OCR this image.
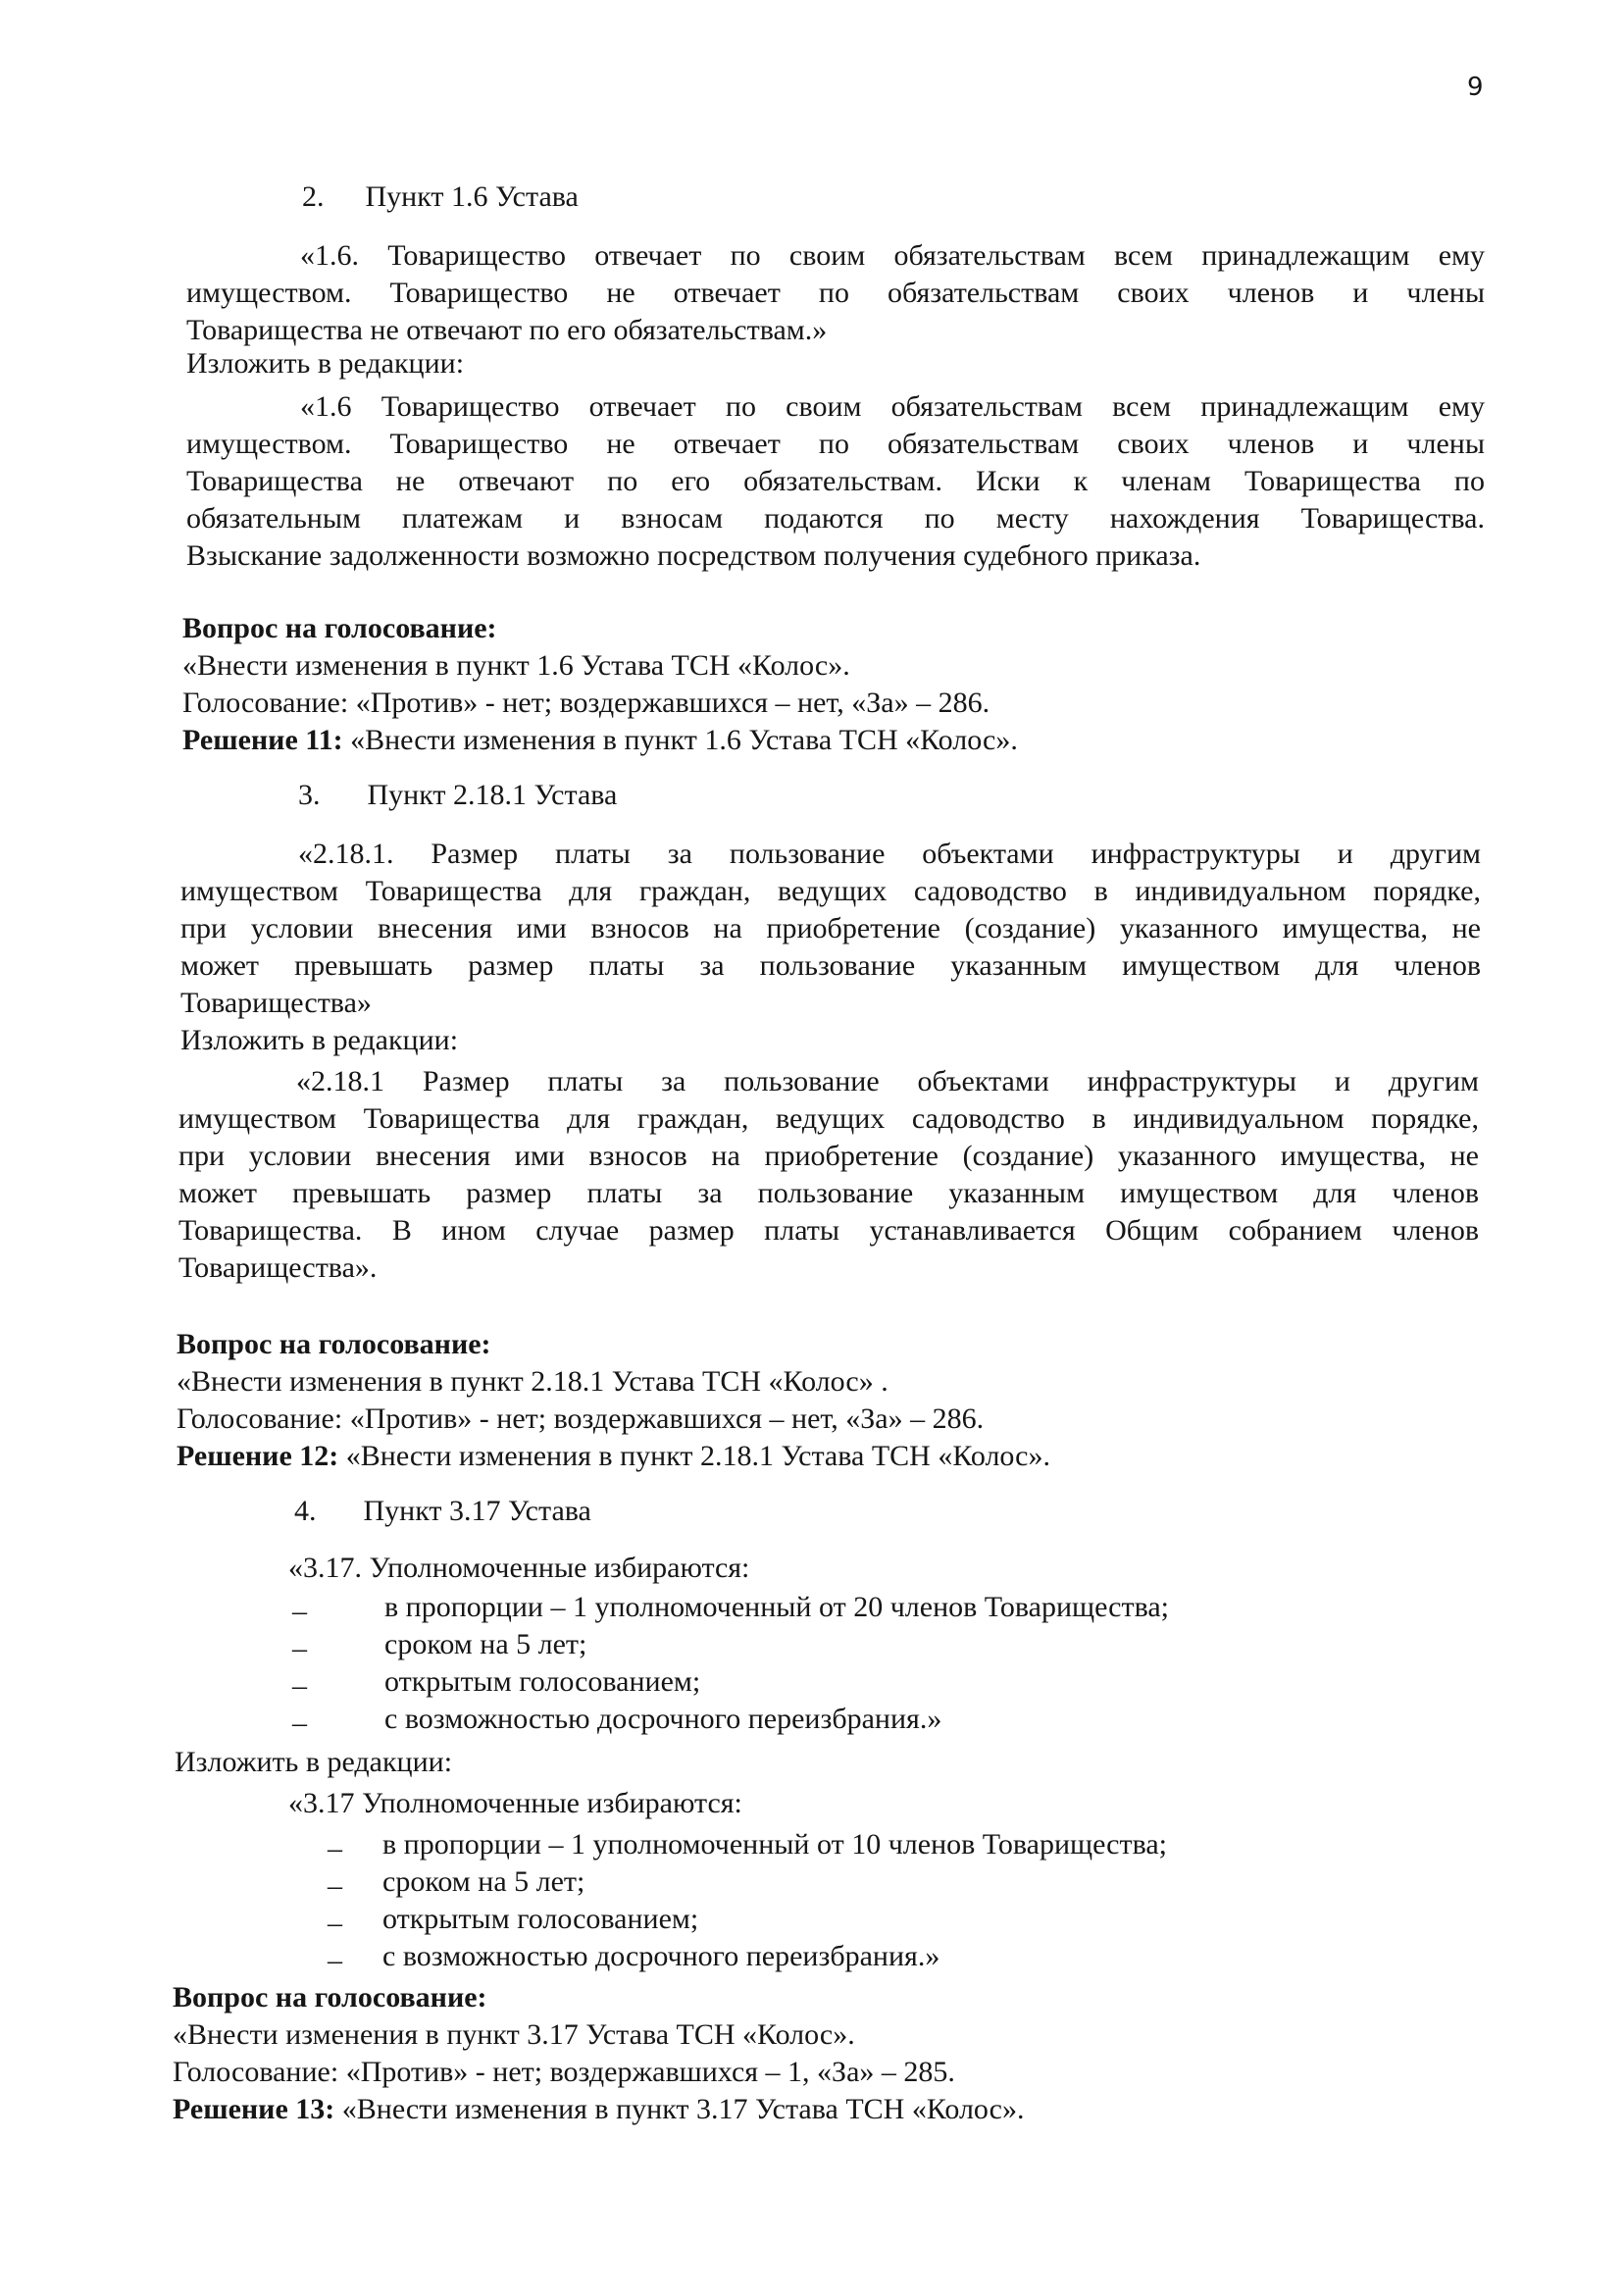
9
2. Пункт 1.6 Устава
«1.6. Товарищество отвечает по своим обязательствам всем принадлежащим ему
имуществом. Товарищество не отвечает по обязательствам своих членов и члены
Товарищества не отвечают по его обязательствам.»
Изложить в редакции:
«1.6 Товарищество отвечает по своим обязательствам всем принадлежащим ему
имуществом. Товарищество не отвечает по обязательствам своих членов и члены
Товарищества не отвечают по его обязательствам. Иски к членам Товарищества по
обязательным платежам и взносам подаются по месту нахождения Товарищества.
Взыскание задолженности возможно посредством получения судебного приказа.
Вопрос на голосование:
«Внести изменения в пункт 1.6 Устава ТСН «Колос».
Голосование: «Против» - нет; воздержавшихся – нет, «За» – 286.
Решение 11: «Внести изменения в пункт 1.6 Устава ТСН «Колос».
3. Пункт 2.18.1 Устава
«2.18.1. Размер платы за пользование объектами инфраструктуры и другим
имуществом Товарищества для граждан, ведущих садоводство в индивидуальном порядке,
при условии внесения ими взносов на приобретение (создание) указанного имущества, не
может превышать размер платы за пользование указанным имуществом для членов
Товарищества»
Изложить в редакции:
«2.18.1 Размер платы за пользование объектами инфраструктуры и другим
имуществом Товарищества для граждан, ведущих садоводство в индивидуальном порядке,
при условии внесения ими взносов на приобретение (создание) указанного имущества, не
может превышать размер платы за пользование указанным имуществом для членов
Товарищества. В ином случае размер платы устанавливается Общим собранием членов
Товарищества».
Вопрос на голосование:
«Внести изменения в пункт 2.18.1 Устава ТСН «Колос» .
Голосование: «Против» - нет; воздержавшихся – нет, «За» – 286.
Решение 12: «Внести изменения в пункт 2.18.1 Устава ТСН «Колос».
4. Пункт 3.17 Устава
«3.17. Уполномоченные избираются:
–	в пропорции – 1 уполномоченный от 20 членов Товарищества;
–	сроком на 5 лет;
–	открытым голосованием;
–	с возможностью досрочного переизбрания.»
Изложить в редакции:
«3.17 Уполномоченные избираются:
– в пропорции – 1 уполномоченный от 10 членов Товарищества;
– сроком на 5 лет;
– открытым голосованием;
– с возможностью досрочного переизбрания.»
Вопрос на голосование:
«Внести изменения в пункт 3.17 Устава ТСН «Колос».
Голосование: «Против» - нет; воздержавшихся – 1, «За» – 285.
Решение 13: «Внести изменения в пункт 3.17 Устава ТСН «Колос».
